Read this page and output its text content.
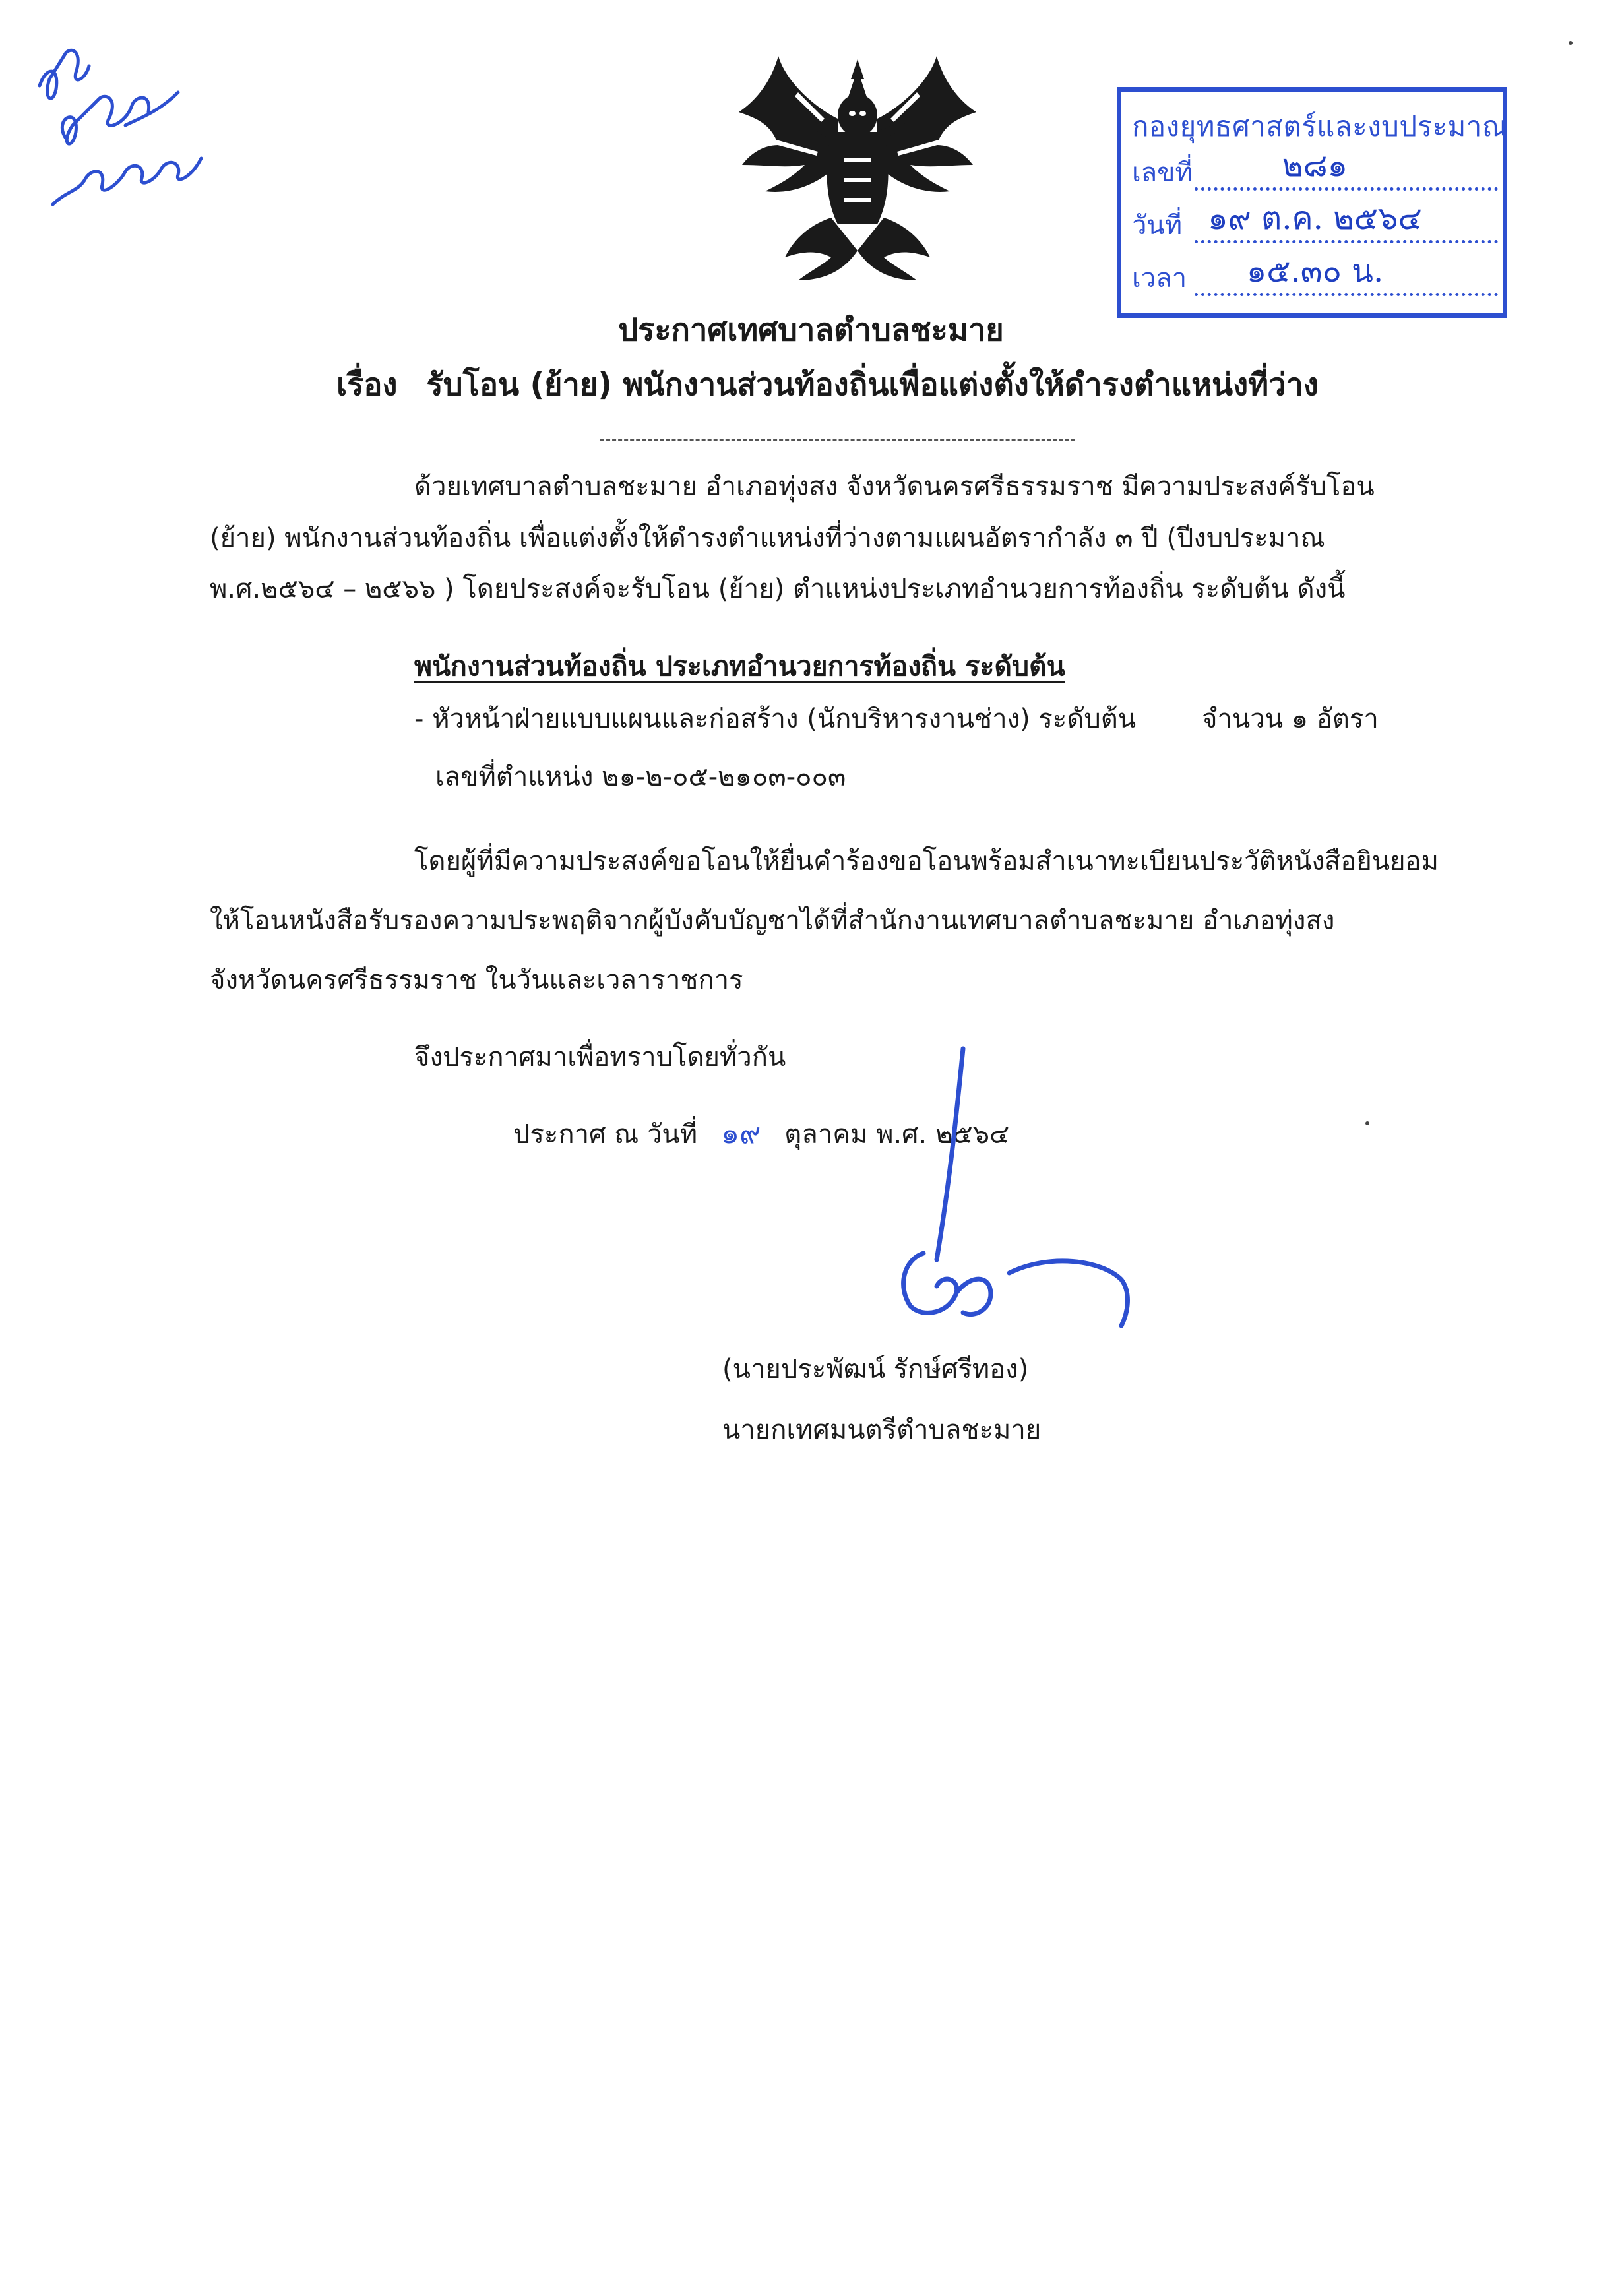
กองยุทธศาสตร์และงบประมาณ
เลขที่	๒๘๑
วันที่ ๑๙ ต.ค. ๒๕๖๔
เวลา	๑๕.๓๐ น.
ประกาศเทศบาลตำบลชะมาย
เรื่อง รับโอน (ย้าย) พนักงานส่วนท้องถิ่นเพื่อแต่งตั้งให้ดำรงตำแหน่งที่ว่าง
ด้วยเทศบาลตำบลชะมาย อำเภอทุ่งสง จังหวัดนครศรีธรรมราช มีความประสงค์รับโอน
(ย้าย) พนักงานส่วนท้องถิ่น เพื่อแต่งตั้งให้ดำรงตำแหน่งที่ว่างตามแผนอัตรากำลัง ๓ ปี (ปีงบประมาณ
พ.ศ.๒๕๖๔ – ๒๕๖๖ ) โดยประสงค์จะรับโอน (ย้าย) ตำแหน่งประเภทอำนวยการท้องถิ่น ระดับต้น ดังนี้
พนักงานส่วนท้องถิ่น ประเภทอำนวยการท้องถิ่น ระดับต้น
- หัวหน้าฝ่ายแบบแผนและก่อสร้าง (นักบริหารงานช่าง) ระดับต้น จำนวน ๑ อัตรา
เลขที่ตำแหน่ง ๒๑-๒-๐๕-๒๑๐๓-๐๐๓
โดยผู้ที่มีความประสงค์ขอโอนให้ยื่นคำร้องขอโอนพร้อมสำเนาทะเบียนประวัติหนังสือยินยอม
ให้โอนหนังสือรับรองความประพฤติจากผู้บังคับบัญชาได้ที่สำนักงานเทศบาลตำบลชะมาย อำเภอทุ่งสง
จังหวัดนครศรีธรรมราช ในวันและเวลาราชการ
จึงประกาศมาเพื่อทราบโดยทั่วกัน
ประกาศ ณ วันที่ ๑๙ ตุลาคม พ.ศ. ๒๕๖๔
(นายประพัฒน์ รักษ์ศรีทอง)
นายกเทศมนตรีตำบลชะมาย
